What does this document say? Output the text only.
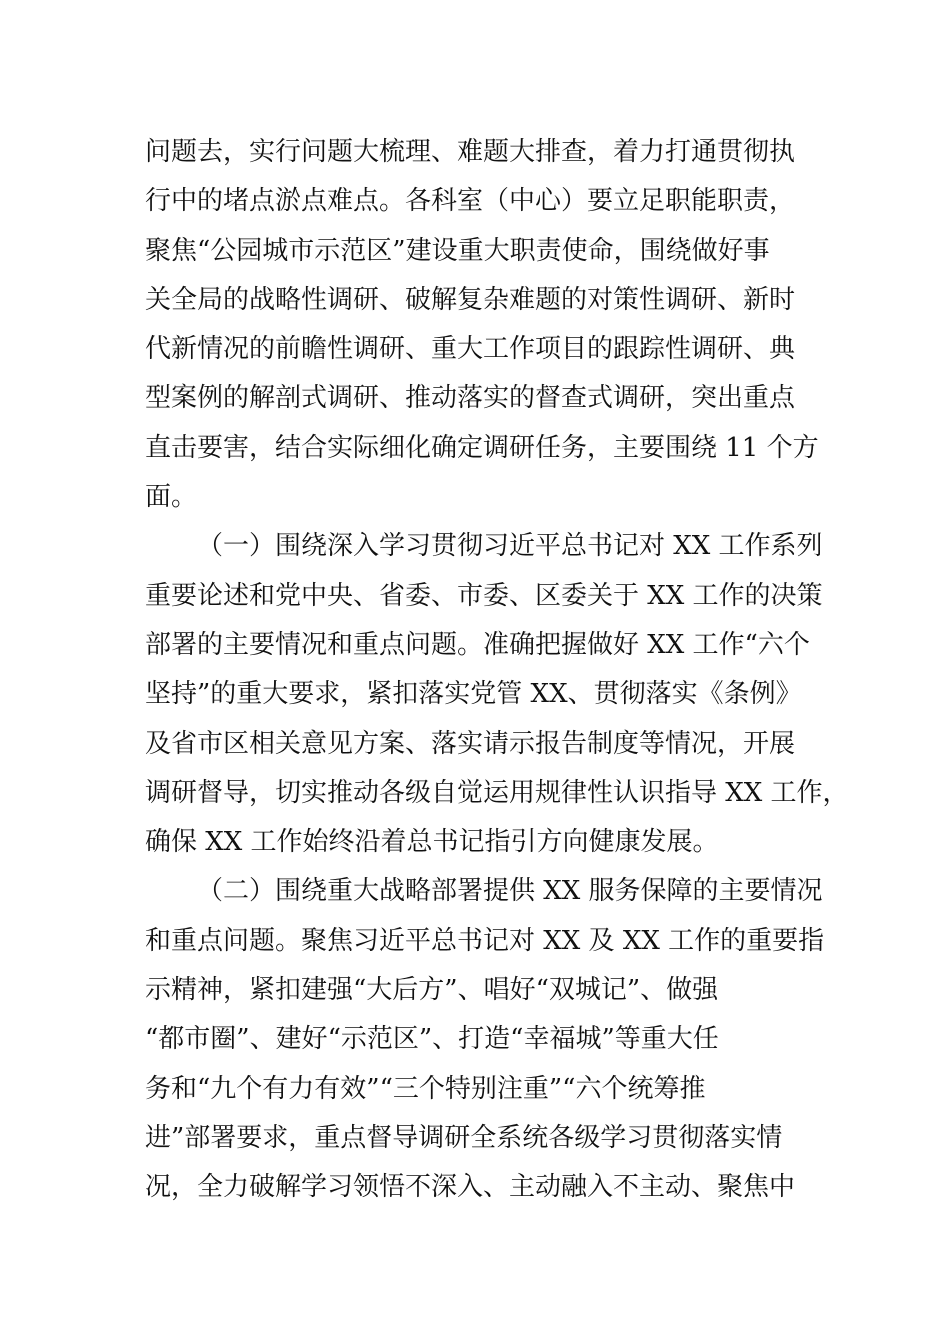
问题去，实行问题大梳理、难题大排查，着力打通贯彻执
行中的堵点淤点难点。各科室（中心）要立足职能职责，
聚焦“公园城市示范区”建设重大职责使命，围绕做好事
关全局的战略性调研、破解复杂难题的对策性调研、新时
代新情况的前瞻性调研、重大工作项目的跟踪性调研、典
型案例的解剖式调研、推动落实的督查式调研，突出重点
直击要害，结合实际细化确定调研任务，主要围绕 11 个方
面。
（一）围绕深入学习贯彻习近平总书记对 XX 工作系列
重要论述和党中央、省委、市委、区委关于 XX 工作的决策
部署的主要情况和重点问题。准确把握做好 XX 工作“六个
坚持”的重大要求，紧扣落实党管 XX、贯彻落实《条例》
及省市区相关意见方案、落实请示报告制度等情况，开展
调研督导，切实推动各级自觉运用规律性认识指导 XX 工作，
确保 XX 工作始终沿着总书记指引方向健康发展。
（二）围绕重大战略部署提供 XX 服务保障的主要情况
和重点问题。聚焦习近平总书记对 XX 及 XX 工作的重要指
示精神，紧扣建强“大后方”、唱好“双城记”、做强
“都市圈”、建好“示范区”、打造“幸福城”等重大任
务和“九个有力有效”“三个特别注重”“六个统筹推
进”部署要求，重点督导调研全系统各级学习贯彻落实情
况，全力破解学习领悟不深入、主动融入不主动、聚焦中
